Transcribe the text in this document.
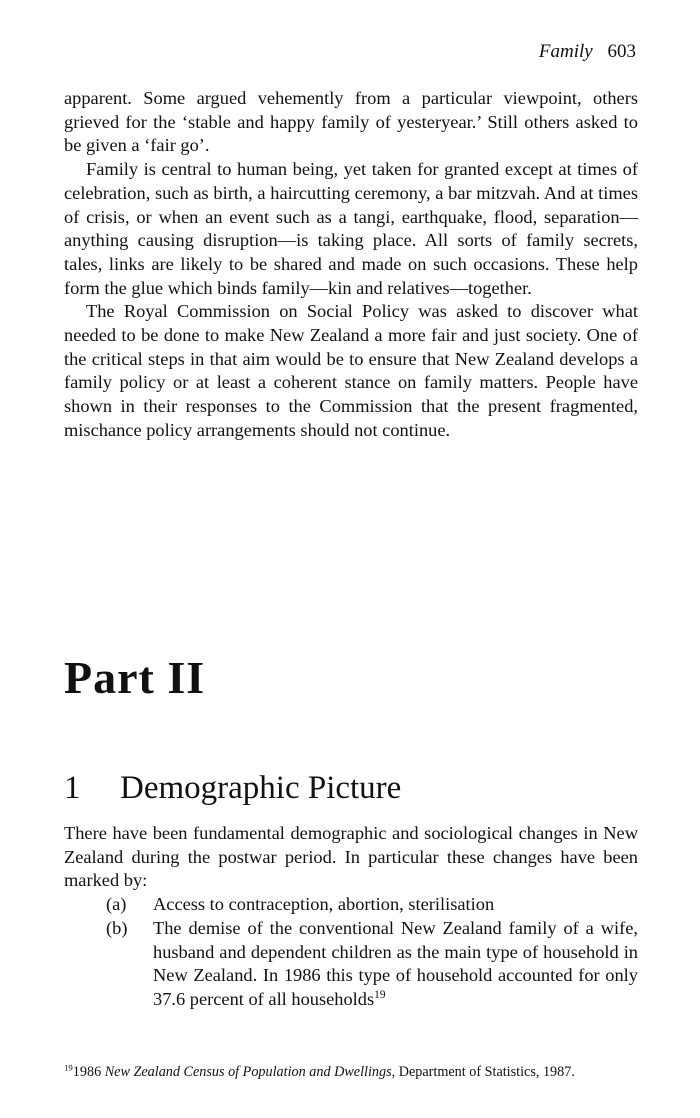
Family 603

apparent. Some argued vehemently from a particular viewpoint, others grieved for the ‘stable and happy family of yesteryear.’ Still others asked to be given a ‘fair go’.

Family is central to human being, yet taken for granted except at times of celebration, such as birth, a haircutting ceremony, a bar mitzvah. And at times of crisis, or when an event such as a tangi, earthquake, flood, separation—anything causing disruption—is taking place. All sorts of family secrets, tales, links are likely to be shared and made on such occasions. These help form the glue which binds family—kin and relatives—together.

The Royal Commission on Social Policy was asked to discover what needed to be done to make New Zealand a more fair and just society. One of the critical steps in that aim would be to ensure that New Zealand develops a family policy or at least a coherent stance on family matters. People have shown in their responses to the Commission that the present fragmented, mischance policy arrangements should not continue.

Part II
1 Demographic Picture

There have been fundamental demographic and sociological changes in New Zealand during the postwar period. In particular these changes have been marked by:

(a) Access to contraception, abortion, sterilisation
(b) The demise of the conventional New Zealand family of a wife, husband and dependent children as the main type of household in New Zealand. In 1986 this type of household accounted for only 37.6 percent of all households$^{19}$
$^{19}$1986 New Zealand Census of Population and Dwellings, Department of Statistics, 1987.
